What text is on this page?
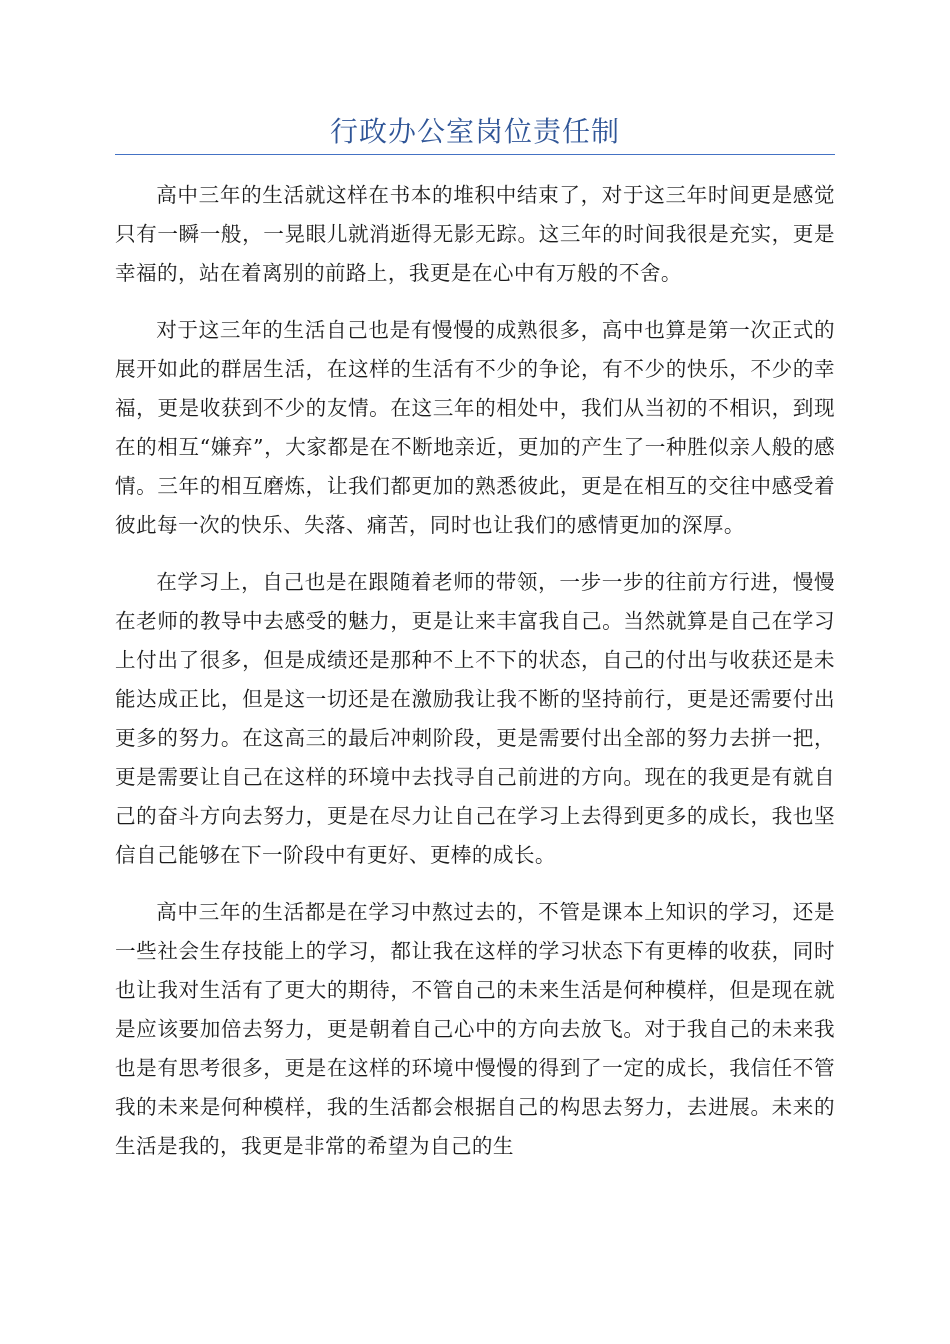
行政办公室岗位责任制

高中三年的生活就这样在书本的堆积中结束了，对于这三年时间更是感觉只有一瞬一般，一晃眼儿就消逝得无影无踪。这三年的时间我很是充实，更是幸福的，站在着离别的前路上，我更是在心中有万般的不舍。

对于这三年的生活自己也是有慢慢的成熟很多，高中也算是第一次正式的展开如此的群居生活，在这样的生活有不少的争论，有不少的快乐，不少的幸福，更是收获到不少的友情。在这三年的相处中，我们从当初的不相识，到现在的相互“嫌弃”，大家都是在不断地亲近，更加的产生了一种胜似亲人般的感情。三年的相互磨炼，让我们都更加的熟悉彼此，更是在相互的交往中感受着彼此每一次的快乐、失落、痛苦，同时也让我们的感情更加的深厚。

在学习上，自己也是在跟随着老师的带领，一步一步的往前方行进，慢慢在老师的教导中去感受的魅力，更是让来丰富我自己。当然就算是自己在学习上付出了很多，但是成绩还是那种不上不下的状态，自己的付出与收获还是未能达成正比，但是这一切还是在激励我让我不断的坚持前行，更是还需要付出更多的努力。在这高三的最后冲刺阶段，更是需要付出全部的努力去拼一把，更是需要让自己在这样的环境中去找寻自己前进的方向。现在的我更是有就自己的奋斗方向去努力，更是在尽力让自己在学习上去得到更多的成长，我也坚信自己能够在下一阶段中有更好、更棒的成长。

高中三年的生活都是在学习中熬过去的，不管是课本上知识的学习，还是一些社会生存技能上的学习，都让我在这样的学习状态下有更棒的收获，同时也让我对生活有了更大的期待，不管自己的未来生活是何种模样，但是现在就是应该要加倍去努力，更是朝着自己心中的方向去放飞。对于我自己的未来我也是有思考很多，更是在这样的环境中慢慢的得到了一定的成长，我信任不管我的未来是何种模样，我的生活都会根据自己的构思去努力，去进展。未来的生活是我的，我更是非常的希望为自己的生
